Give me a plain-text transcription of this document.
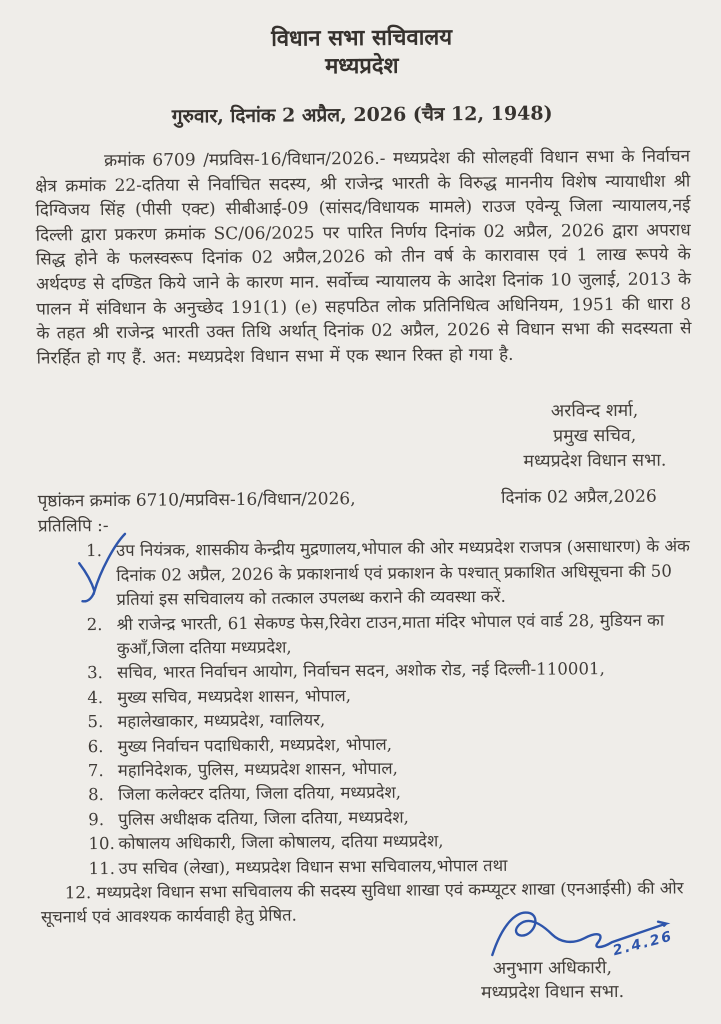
विधान सभा सचिवालय
मध्यप्रदेश
गुरुवार, दिनांक 2 अप्रैल, 2026 (चैत्र 12, 1948)

क्रमांक 6709 /मप्रविस-16/विधान/2026.- मध्यप्रदेश की सोलहवीं विधान सभा के निर्वाचन क्षेत्र क्रमांक 22-दतिया से निर्वाचित सदस्य, श्री राजेन्द्र भारती के विरुद्ध माननीय विशेष न्यायाधीश श्री दिग्विजय सिंह (पीसी एक्ट) सीबीआई-09 (सांसद/विधायक मामले) राउज एवेन्यू जिला न्यायालय,नई दिल्ली द्वारा प्रकरण क्रमांक SC/06/2025 पर पारित निर्णय दिनांक 02 अप्रैल, 2026 द्वारा अपराध सिद्ध होने के फलस्वरूप दिनांक 02 अप्रैल,2026 को तीन वर्ष के कारावास एवं 1 लाख रूपये के अर्थदण्ड से दण्डित किये जाने के कारण मान. सर्वोच्च न्यायालय के आदेश दिनांक 10 जुलाई, 2013 के पालन में संविधान के अनुच्छेद 191(1) (e) सहपठित लोक प्रतिनिधित्व अधिनियम, 1951 की धारा 8 के तहत श्री राजेन्द्र भारती उक्त तिथि अर्थात् दिनांक 02 अप्रैल, 2026 से विधान सभा की सदस्यता से निरर्हित हो गए हैं. अत: मध्यप्रदेश विधान सभा में एक स्थान रिक्त हो गया है.

अरविन्द शर्मा,
प्रमुख सचिव,
मध्यप्रदेश विधान सभा.
पृष्ठांकन क्रमांक 6710/मप्रविस-16/विधान/2026,	दिनांक 02 अप्रैल,2026
प्रतिलिपि :-
1. उप नियंत्रक, शासकीय केन्द्रीय मुद्रणालय,भोपाल की ओर मध्यप्रदेश राजपत्र (असाधारण) के अंक दिनांक 02 अप्रैल, 2026 के प्रकाशनार्थ एवं प्रकाशन के पश्चात् प्रकाशित अधिसूचना की 50 प्रतियां इस सचिवालय को तत्काल उपलब्ध कराने की व्यवस्था करें.
2. श्री राजेन्द्र भारती, 61 सेकण्ड फेस,रिवेरा टाउन,माता मंदिर भोपाल एवं वार्ड 28, मुडियन का कुऑं,जिला दतिया मध्यप्रदेश,
3. सचिव, भारत निर्वाचन आयोग, निर्वाचन सदन, अशोक रोड, नई दिल्ली-110001,
4. मुख्य सचिव, मध्यप्रदेश शासन, भोपाल,
5. महालेखाकार, मध्यप्रदेश, ग्वालियर,
6. मुख्य निर्वाचन पदाधिकारी, मध्यप्रदेश, भोपाल,
7. महानिदेशक, पुलिस, मध्यप्रदेश शासन, भोपाल,
8. जिला कलेक्टर दतिया, जिला दतिया, मध्यप्रदेश,
9. पुलिस अधीक्षक दतिया, जिला दतिया, मध्यप्रदेश,
10. कोषालय अधिकारी, जिला कोषालय, दतिया मध्यप्रदेश,
11. उप सचिव (लेखा), मध्यप्रदेश विधान सभा सचिवालय,भोपाल तथा

12. मध्यप्रदेश विधान सभा सचिवालय की सदस्य सुविधा शाखा एवं कम्प्यूटर शाखा (एनआईसी) की ओर सूचनार्थ एवं आवश्यक कार्यवाही हेतु प्रेषित.

2.4.26
अनुभाग अधिकारी,
मध्यप्रदेश विधान सभा.
